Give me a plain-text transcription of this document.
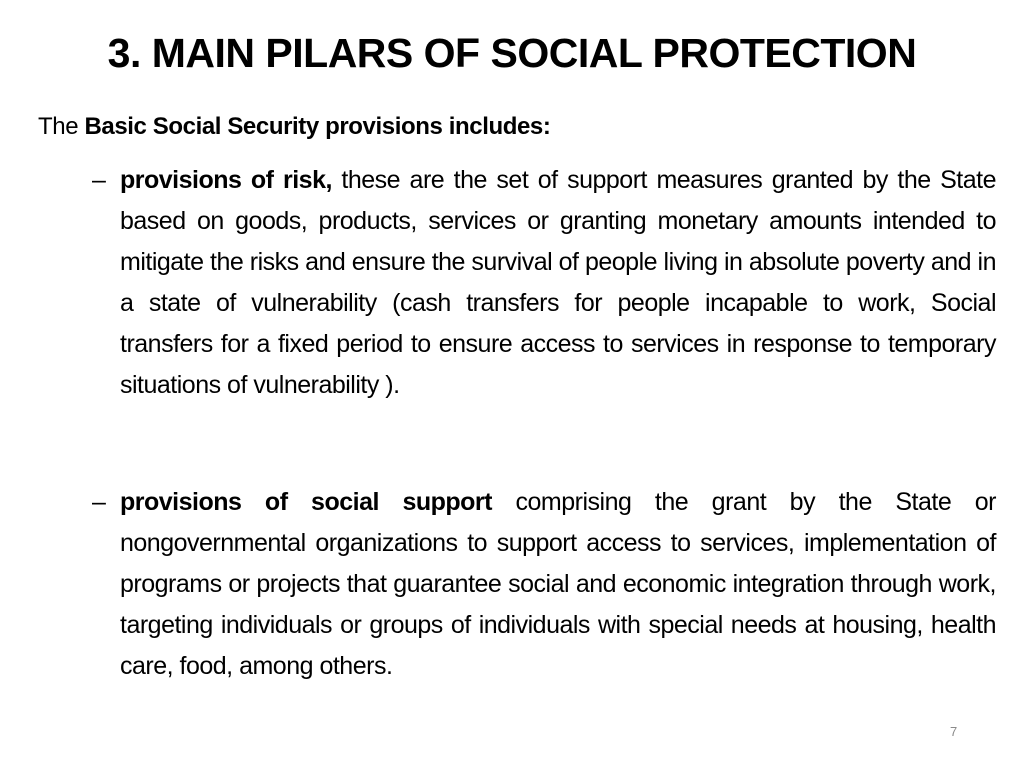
3. MAIN PILARS OF SOCIAL PROTECTION
The Basic Social Security provisions includes:
– provisions of risk, these are the set of support measures granted by the State based on goods, products, services or granting monetary amounts intended to mitigate the risks and ensure the survival of people living in absolute poverty and in a state of vulnerability (cash transfers for people incapable to work, Social transfers for a fixed period to ensure access to services in response to temporary situations of vulnerability ).
– provisions of social support comprising the grant by the State or nongovernmental organizations to support access to services, implementation of programs or projects that guarantee social and economic integration through work, targeting individuals or groups of individuals with special needs at housing, health care, food, among others.
7
